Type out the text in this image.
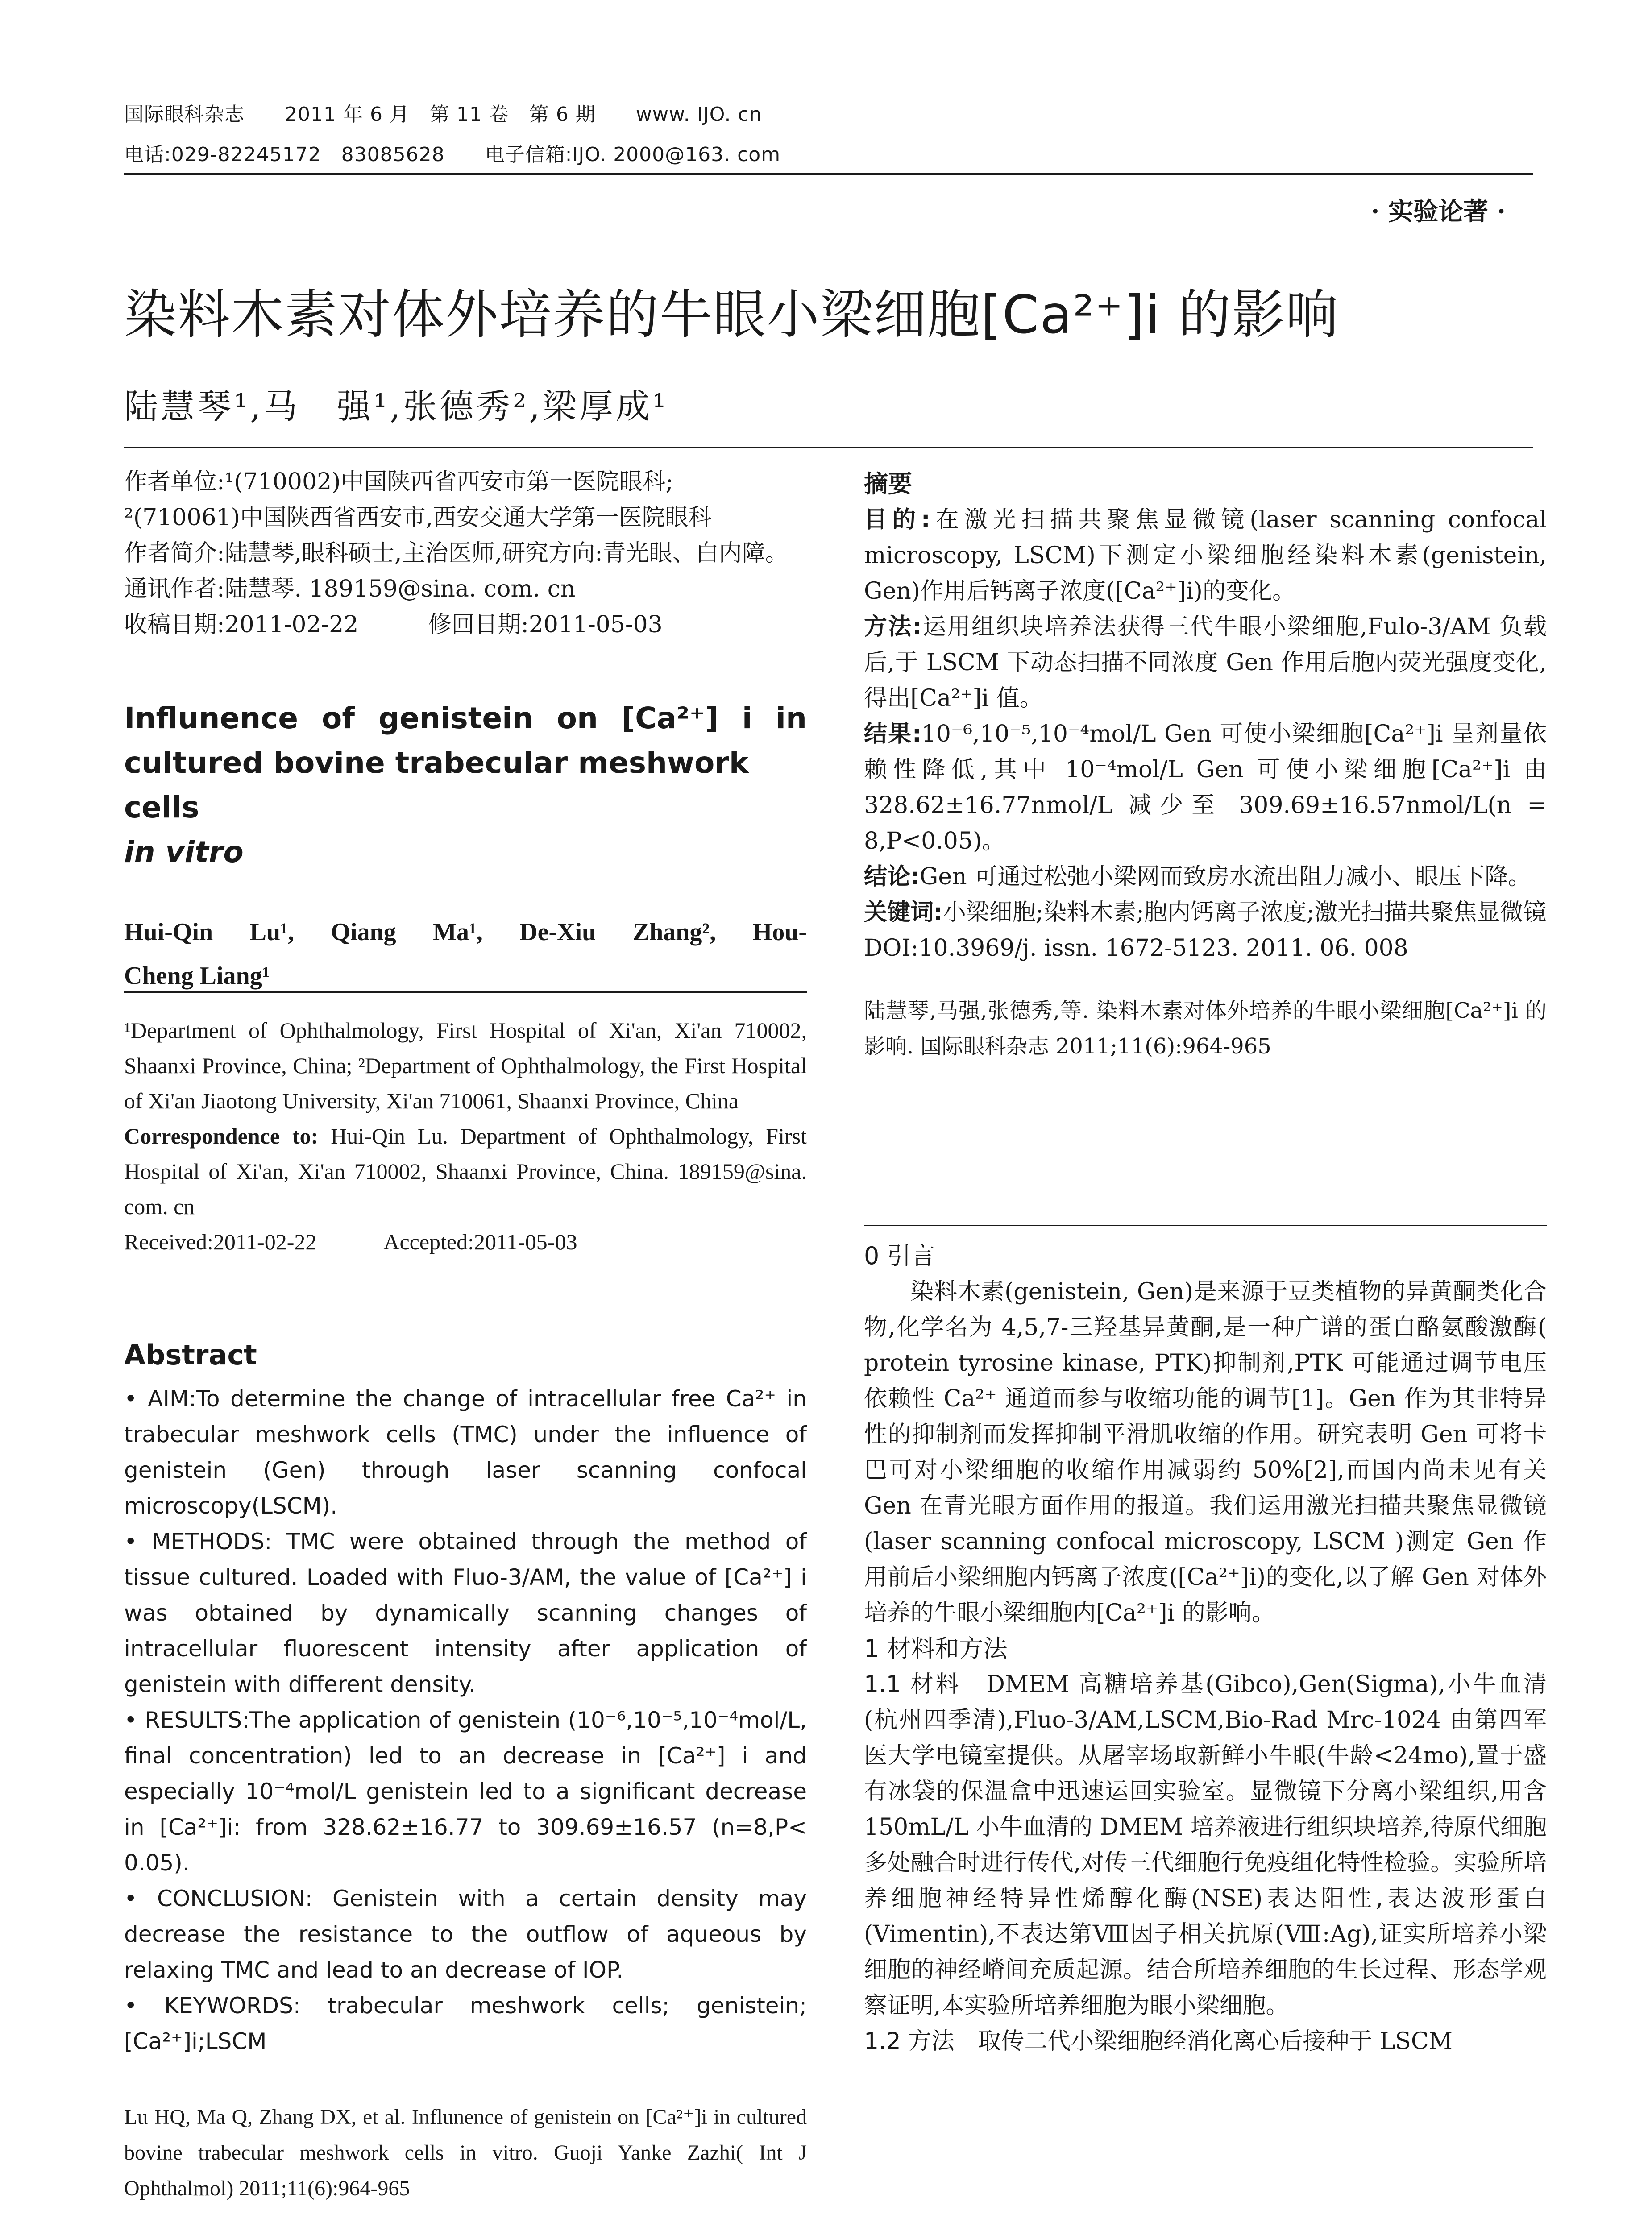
国际眼科杂志　　2011 年 6 月　第 11 卷　第 6 期　　www. IJO. cn
电话:029-82245172　83085628　　电子信箱:IJO. 2000@163. com
· 实验论著 ·
染料木素对体外培养的牛眼小梁细胞[Ca²⁺]i 的影响
陆慧琴¹,马　强¹,张德秀²,梁厚成¹
作者单位:¹(710002)中国陕西省西安市第一医院眼科;
²(710061)中国陕西省西安市,西安交通大学第一医院眼科
作者简介:陆慧琴,眼科硕士,主治医师,研究方向:青光眼、白内障。
通讯作者:陆慧琴. 189159@sina. com. cn
收稿日期:2011-02-22　　　修回日期:2011-05-03
Influnence of genistein on [Ca²⁺] i in
cultured bovine trabecular meshwork cells
in vitro
Hui-Qin Lu¹, Qiang Ma¹, De-Xiu Zhang², Hou-
Cheng Liang¹
¹Department of Ophthalmology, First Hospital of Xi'an, Xi'an 710002, Shaanxi Province, China; ²Department of Ophthalmology, the First Hospital of Xi'an Jiaotong University, Xi'an 710061, Shaanxi Province, China
Correspondence to: Hui-Qin Lu. Department of Ophthalmology, First Hospital of Xi'an, Xi'an 710002, Shaanxi Province, China. 189159@sina. com. cn
Received:2011-02-22　　　Accepted:2011-05-03
Abstract
• AIM:To determine the change of intracellular free Ca²⁺ in trabecular meshwork cells (TMC) under the influence of genistein (Gen) through laser scanning confocal microscopy(LSCM).
• METHODS: TMC were obtained through the method of tissue cultured. Loaded with Fluo-3/AM, the value of [Ca²⁺] i was obtained by dynamically scanning changes of intracellular fluorescent intensity after application of genistein with different density.
• RESULTS:The application of genistein (10⁻⁶,10⁻⁵,10⁻⁴mol/L, final concentration) led to an decrease in [Ca²⁺] i and especially 10⁻⁴mol/L genistein led to a significant decrease in [Ca²⁺]i: from 328.62±16.77 to 309.69±16.57 (n=8,P< 0.05).
• CONCLUSION: Genistein with a certain density may decrease the resistance to the outflow of aqueous by relaxing TMC and lead to an decrease of IOP.
• KEYWORDS: trabecular meshwork cells; genistein; [Ca²⁺]i;LSCM
Lu HQ, Ma Q, Zhang DX, et al. Influnence of genistein on [Ca²⁺]i in cultured bovine trabecular meshwork cells in vitro. Guoji Yanke Zazhi( Int J Ophthalmol) 2011;11(6):964-965
摘要
目的:在激光扫描共聚焦显微镜(laser scanning confocal microscopy, LSCM)下测定小梁细胞经染料木素(genistein, Gen)作用后钙离子浓度([Ca²⁺]i)的变化。
方法:运用组织块培养法获得三代牛眼小梁细胞,Fulo-3/AM 负载后,于 LSCM 下动态扫描不同浓度 Gen 作用后胞内荧光强度变化,得出[Ca²⁺]i 值。
结果:10⁻⁶,10⁻⁵,10⁻⁴mol/L Gen 可使小梁细胞[Ca²⁺]i 呈剂量依赖性降低,其中 10⁻⁴mol/L Gen 可使小梁细胞[Ca²⁺]i 由 328.62±16.77nmol/L 减少至 309.69±16.57nmol/L(n = 8,P<0.05)。
结论:Gen 可通过松弛小梁网而致房水流出阻力减小、眼压下降。
关键词:小梁细胞;染料木素;胞内钙离子浓度;激光扫描共聚焦显微镜
DOI:10.3969/j. issn. 1672-5123. 2011. 06. 008
陆慧琴,马强,张德秀,等. 染料木素对体外培养的牛眼小梁细胞[Ca²⁺]i 的影响. 国际眼科杂志 2011;11(6):964-965
0 引言
染料木素(genistein, Gen)是来源于豆类植物的异黄酮类化合物,化学名为 4,5,7-三羟基异黄酮,是一种广谱的蛋白酪氨酸激酶( protein tyrosine kinase, PTK)抑制剂,PTK 可能通过调节电压依赖性 Ca²⁺ 通道而参与收缩功能的调节[1]。Gen 作为其非特异性的抑制剂而发挥抑制平滑肌收缩的作用。研究表明 Gen 可将卡巴可对小梁细胞的收缩作用减弱约 50%[2],而国内尚未见有关 Gen 在青光眼方面作用的报道。我们运用激光扫描共聚焦显微镜(laser scanning confocal microscopy, LSCM )测定 Gen 作用前后小梁细胞内钙离子浓度([Ca²⁺]i)的变化,以了解 Gen 对体外培养的牛眼小梁细胞内[Ca²⁺]i 的影响。
1 材料和方法
1.1 材料　 DMEM 高糖培养基(Gibco),Gen(Sigma),小牛血清 (杭州四季清),Fluo-3/AM,LSCM,Bio-Rad Mrc-1024 由第四军医大学电镜室提供。从屠宰场取新鲜小牛眼(牛龄<24mo),置于盛有冰袋的保温盒中迅速运回实验室。显微镜下分离小梁组织,用含 150mL/L 小牛血清的 DMEM 培养液进行组织块培养,待原代细胞多处融合时进行传代,对传三代细胞行免疫组化特性检验。实验所培养细胞神经特异性烯醇化酶(NSE)表达阳性,表达波形蛋白(Vimentin),不表达第Ⅷ因子相关抗原(Ⅷ:Ag),证实所培养小梁细胞的神经嵴间充质起源。结合所培养细胞的生长过程、形态学观察证明,本实验所培养细胞为眼小梁细胞。
1.2 方法　 取传二代小梁细胞经消化离心后接种于 LSCM
